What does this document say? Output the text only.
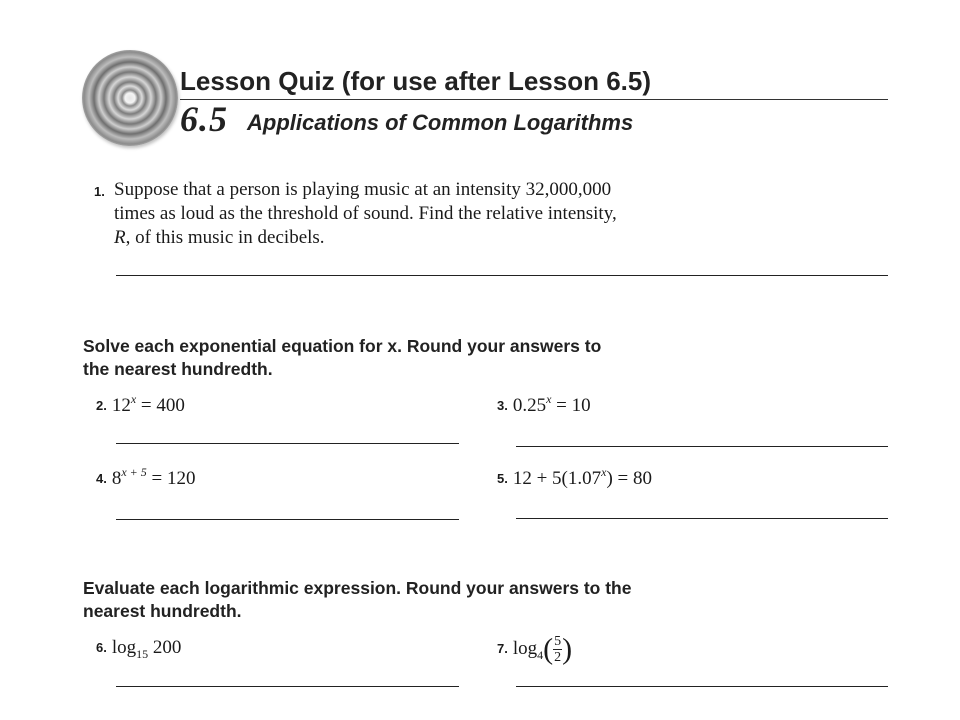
Lesson Quiz (for use after Lesson 6.5)
6.5 Applications of Common Logarithms
1. Suppose that a person is playing music at an intensity 32,000,000
times as loud as the threshold of sound. Find the relative intensity,
R, of this music in decibels.
Solve each exponential equation for x. Round your answers to
the nearest hundredth.
2. $12^x = 400$	3. $0.25^x = 10$
4. $8^{x + 5} = 120$	5. $12 + 5(1.07^x) = 80$
Evaluate each logarithmic expression. Round your answers to the
nearest hundredth.
6. $\log_{15} 200$	7. $\log_4( \frac{5}{2}$ )
